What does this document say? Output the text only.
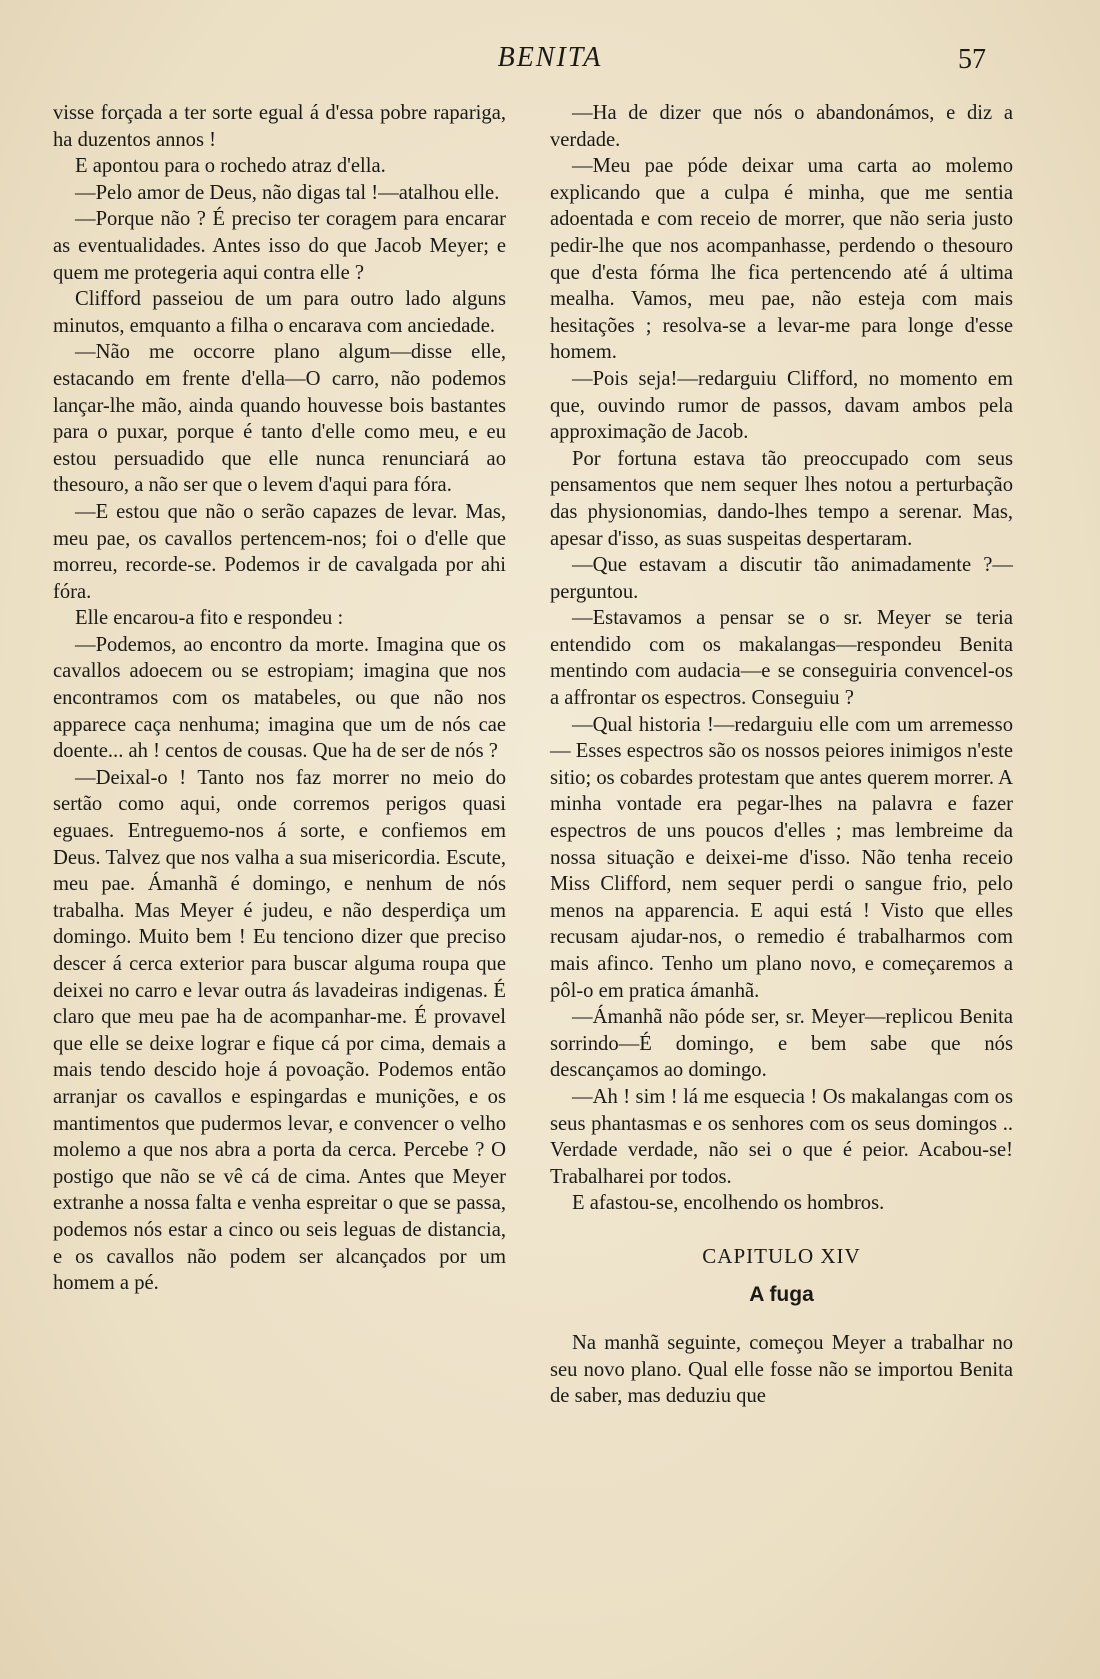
BENITA	57

visse forçada a ter sorte egual á d'essa pobre rapariga, ha duzentos annos !

E apontou para o rochedo atraz d'ella.

—Pelo amor de Deus, não digas tal !—atalhou elle.

—Porque não ? É preciso ter coragem para encarar as eventualidades. Antes isso do que Jacob Meyer; e quem me protegeria aqui contra elle ?

Clifford passeiou de um para outro lado alguns minutos, emquanto a filha o encarava com anciedade.

—Não me occorre plano algum—disse elle, estacando em frente d'ella—O carro, não podemos lançar-lhe mão, ainda quando houvesse bois bastantes para o puxar, porque é tanto d'elle como meu, e eu estou persuadido que elle nunca renunciará ao thesouro, a não ser que o levem d'aqui para fóra.

—E estou que não o serão capazes de levar. Mas, meu pae, os cavallos pertencem-nos; foi o d'elle que morreu, recorde-se. Podemos ir de cavalgada por ahi fóra.

Elle encarou-a fito e respondeu :

—Podemos, ao encontro da morte. Imagina que os cavallos adoecem ou se estropiam; imagina que nos encontramos com os matabeles, ou que não nos apparece caça nenhuma; imagina que um de nós cae doente... ah ! centos de cousas. Que ha de ser de nós ?

—Deixal-o ! Tanto nos faz morrer no meio do sertão como aqui, onde corremos perigos quasi eguaes. Entreguemo-nos á sorte, e confiemos em Deus. Talvez que nos valha a sua misericordia. Escute, meu pae. Ámanhã é domingo, e nenhum de nós trabalha. Mas Meyer é judeu, e não desperdiça um domingo. Muito bem ! Eu tenciono dizer que preciso descer á cerca exterior para buscar alguma roupa que deixei no carro e levar outra ás lavadeiras indigenas. É claro que meu pae ha de acompanhar-me. É provavel que elle se deixe lograr e fique cá por cima, demais a mais tendo descido hoje á povoação. Podemos então arranjar os cavallos e espingardas e munições, e os mantimentos que pudermos levar, e convencer o velho molemo a que nos abra a porta da cerca. Percebe ? O postigo que não se vê cá de cima. Antes que Meyer extranhe a nossa falta e venha espreitar o que se passa, podemos nós estar a cinco ou seis leguas de distancia, e os cavallos não podem ser alcançados por um homem a pé.

—Ha de dizer que nós o abandonámos, e diz a verdade.

—Meu pae póde deixar uma carta ao molemo explicando que a culpa é minha, que me sentia adoentada e com receio de morrer, que não seria justo pedir-lhe que nos acompanhasse, perdendo o thesouro que d'esta fórma lhe fica pertencendo até á ultima mealha. Vamos, meu pae, não esteja com mais hesitações ; resolva-se a levar-me para longe d'esse homem.

—Pois seja!—redarguiu Clifford, no momento em que, ouvindo rumor de passos, davam ambos pela approximação de Jacob.

Por fortuna estava tão preoccupado com seus pensamentos que nem sequer lhes notou a perturbação das physionomias, dando-lhes tempo a serenar. Mas, apesar d'isso, as suas suspeitas despertaram.

—Que estavam a discutir tão animadamente ?—perguntou.

—Estavamos a pensar se o sr. Meyer se teria entendido com os makalangas—respondeu Benita mentindo com audacia—e se conseguiria convencel-os a affrontar os espectros. Conseguiu ?

—Qual historia !—redarguiu elle com um arremesso— Esses espectros são os nossos peiores inimigos n'este sitio; os cobardes protestam que antes querem morrer. A minha vontade era pegar-lhes na palavra e fazer espectros de uns poucos d'elles ; mas lembreime da nossa situação e deixei-me d'isso. Não tenha receio Miss Clifford, nem sequer perdi o sangue frio, pelo menos na apparencia. E aqui está ! Visto que elles recusam ajudar-nos, o remedio é trabalharmos com mais afinco. Tenho um plano novo, e começaremos a pôl-o em pratica ámanhã.

—Ámanhã não póde ser, sr. Meyer—replicou Benita sorrindo—É domingo, e bem sabe que nós descançamos ao domingo.

—Ah ! sim ! lá me esquecia ! Os makalangas com os seus phantasmas e os senhores com os seus domingos .. Verdade verdade, não sei o que é peior. Acabou-se! Trabalharei por todos.

E afastou-se, encolhendo os hombros.

CAPITULO XIV

A fuga

Na manhã seguinte, começou Meyer a trabalhar no seu novo plano. Qual elle fosse não se importou Benita de saber, mas deduziu que
